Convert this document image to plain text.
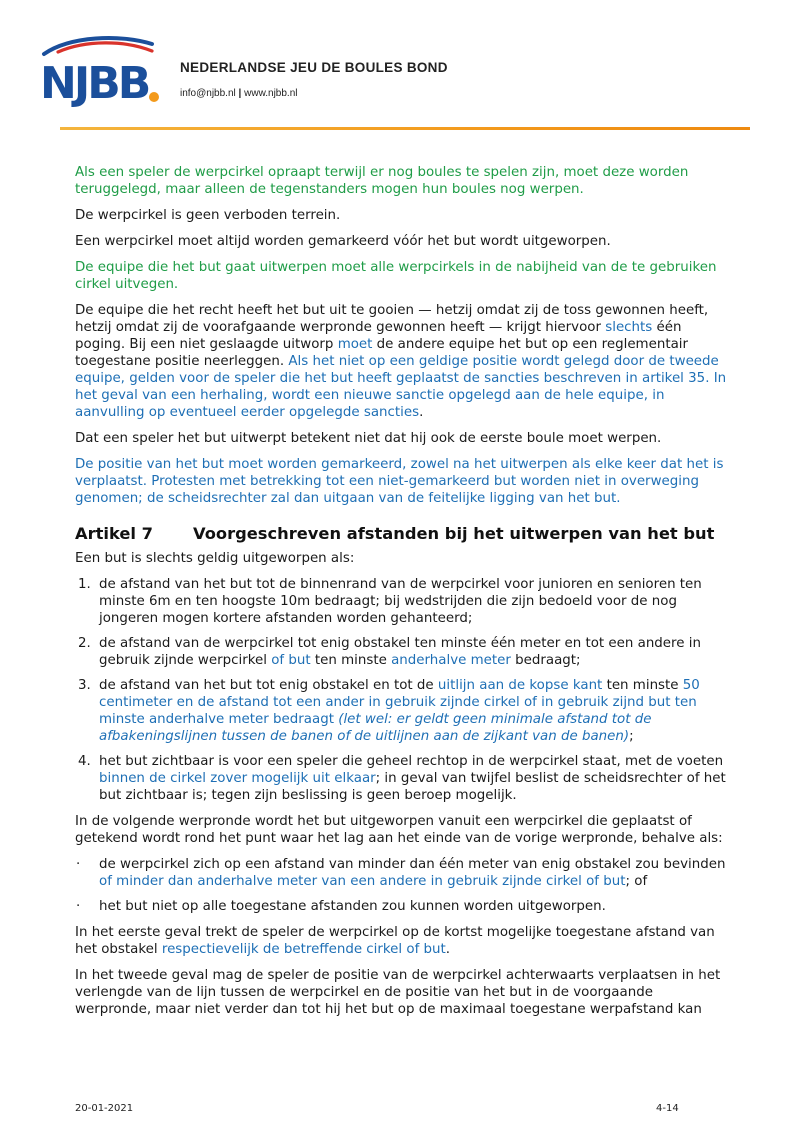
NJBB NEDERLANDSE JEU DE BOULES BOND
info@njbb.nl | www.njbb.nl

Als een speler de werpcirkel opraapt terwijl er nog boules te spelen zijn, moet deze worden teruggelegd, maar alleen de tegenstanders mogen hun boules nog werpen.

De werpcirkel is geen verboden terrein.

Een werpcirkel moet altijd worden gemarkeerd vóór het but wordt uitgeworpen.

De equipe die het but gaat uitwerpen moet alle werpcirkels in de nabijheid van de te gebruiken cirkel uitvegen.

De equipe die het recht heeft het but uit te gooien — hetzij omdat zij de toss gewonnen heeft, hetzij omdat zij de voorafgaande werpronde gewonnen heeft — krijgt hiervoor slechts één poging. Bij een niet geslaagde uitworp moet de andere equipe het but op een reglementair toegestane positie neerleggen. Als het niet op een geldige positie wordt gelegd door de tweede equipe, gelden voor de speler die het but heeft geplaatst de sancties beschreven in artikel 35. In het geval van een herhaling, wordt een nieuwe sanctie opgelegd aan de hele equipe, in aanvulling op eventueel eerder opgelegde sancties.

Dat een speler het but uitwerpt betekent niet dat hij ook de eerste boule moet werpen.

De positie van het but moet worden gemarkeerd, zowel na het uitwerpen als elke keer dat het is verplaatst. Protesten met betrekking tot een niet-gemarkeerd but worden niet in overweging genomen; de scheidsrechter zal dan uitgaan van de feitelijke ligging van het but.

Artikel 7 Voorgeschreven afstanden bij het uitwerpen van het but

Een but is slechts geldig uitgeworpen als:

1. de afstand van het but tot de binnenrand van de werpcirkel voor junioren en senioren ten minste 6m en ten hoogste 10m bedraagt; bij wedstrijden die zijn bedoeld voor de nog jongeren mogen kortere afstanden worden gehanteerd;
2. de afstand van de werpcirkel tot enig obstakel ten minste één meter en tot een andere in gebruik zijnde werpcirkel of but ten minste anderhalve meter bedraagt;
3. de afstand van het but tot enig obstakel en tot de uitlijn aan de kopse kant ten minste 50 centimeter en de afstand tot een ander in gebruik zijnde cirkel of in gebruik zijnd but ten minste anderhalve meter bedraagt (let wel: er geldt geen minimale afstand tot de afbakeningslijnen tussen de banen of de uitlijnen aan de zijkant van de banen);
4. het but zichtbaar is voor een speler die geheel rechtop in de werpcirkel staat, met de voeten binnen de cirkel zover mogelijk uit elkaar; in geval van twijfel beslist de scheidsrechter of het but zichtbaar is; tegen zijn beslissing is geen beroep mogelijk.

In de volgende werpronde wordt het but uitgeworpen vanuit een werpcirkel die geplaatst of getekend wordt rond het punt waar het lag aan het einde van de vorige werpronde, behalve als:

· de werpcirkel zich op een afstand van minder dan één meter van enig obstakel zou bevinden of minder dan anderhalve meter van een andere in gebruik zijnde cirkel of but; of
· het but niet op alle toegestane afstanden zou kunnen worden uitgeworpen.

In het eerste geval trekt de speler de werpcirkel op de kortst mogelijke toegestane afstand van het obstakel respectievelijk de betreffende cirkel of but.

In het tweede geval mag de speler de positie van de werpcirkel achterwaarts verplaatsen in het verlengde van de lijn tussen de werpcirkel en de positie van het but in de voorgaande werpronde, maar niet verder dan tot hij het but op de maximaal toegestane werpafstand kan

20-01-2021	4-14
